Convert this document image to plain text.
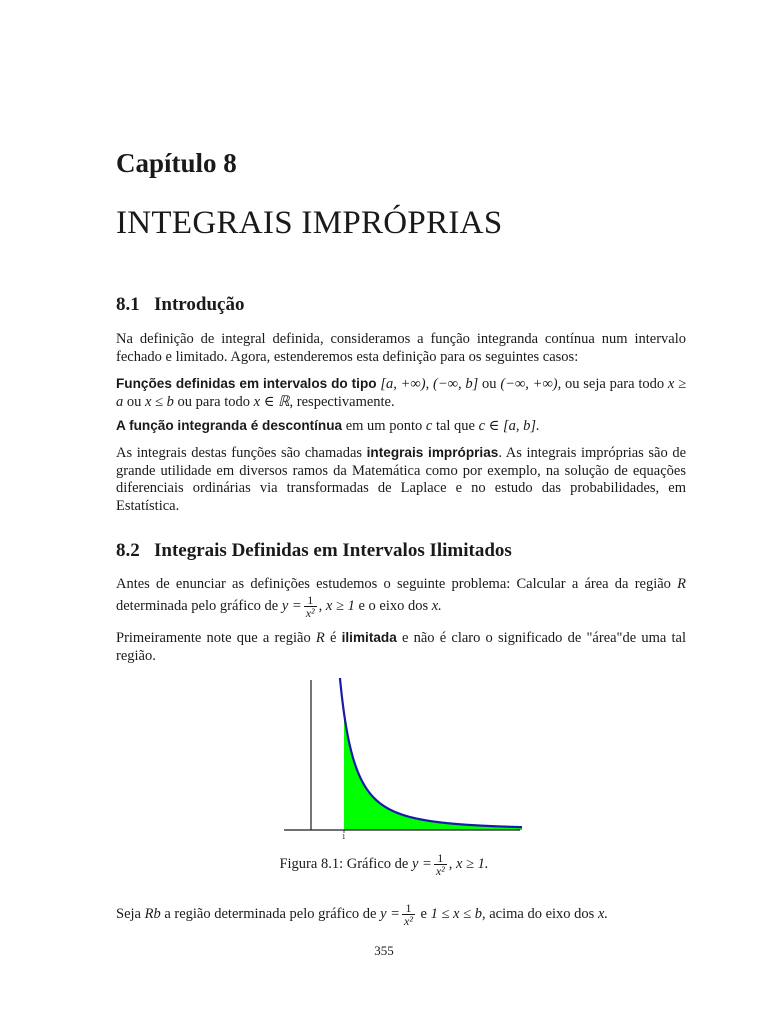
Capítulo 8
INTEGRAIS IMPRÓPRIAS
8.1 Introdução

Na definição de integral definida, consideramos a função integranda contínua num intervalo fechado e limitado. Agora, estenderemos esta definição para os seguintes casos:

Funções definidas em intervalos do tipo [a, +∞), (−∞, b] ou (−∞, +∞), ou seja para todo x ≥ a ou x ≤ b ou para todo x ∈ ℝ, respectivamente.

A função integranda é descontínua em um ponto c tal que c ∈ [a, b].

As integrais destas funções são chamadas integrais impróprias. As integrais impróprias são de grande utilidade em diversos ramos da Matemática como por exemplo, na solução de equações diferenciais ordinárias via transformadas de Laplace e no estudo das probabilidades, em Estatística.

8.2 Integrais Definidas em Intervalos Ilimitados

Antes de enunciar as definições estudemos o seguinte problema: Calcular a área da região R determinada pelo gráfico de $y = \frac{1}{\text{x²}}$ , x ≥ 1 e o eixo dos x.

Primeiramente note que a região R é ilimitada e não é claro o significado de "área"de uma tal região.

1
Figura 8.1: Gráfico de $y = \frac{1}{\text{x²}}$ , x ≥ 1.

Seja Rb a região determinada pelo gráfico de $y = \frac{1}{\text{x²}}$ e 1 ≤ x ≤ b, acima do eixo dos x.

355
